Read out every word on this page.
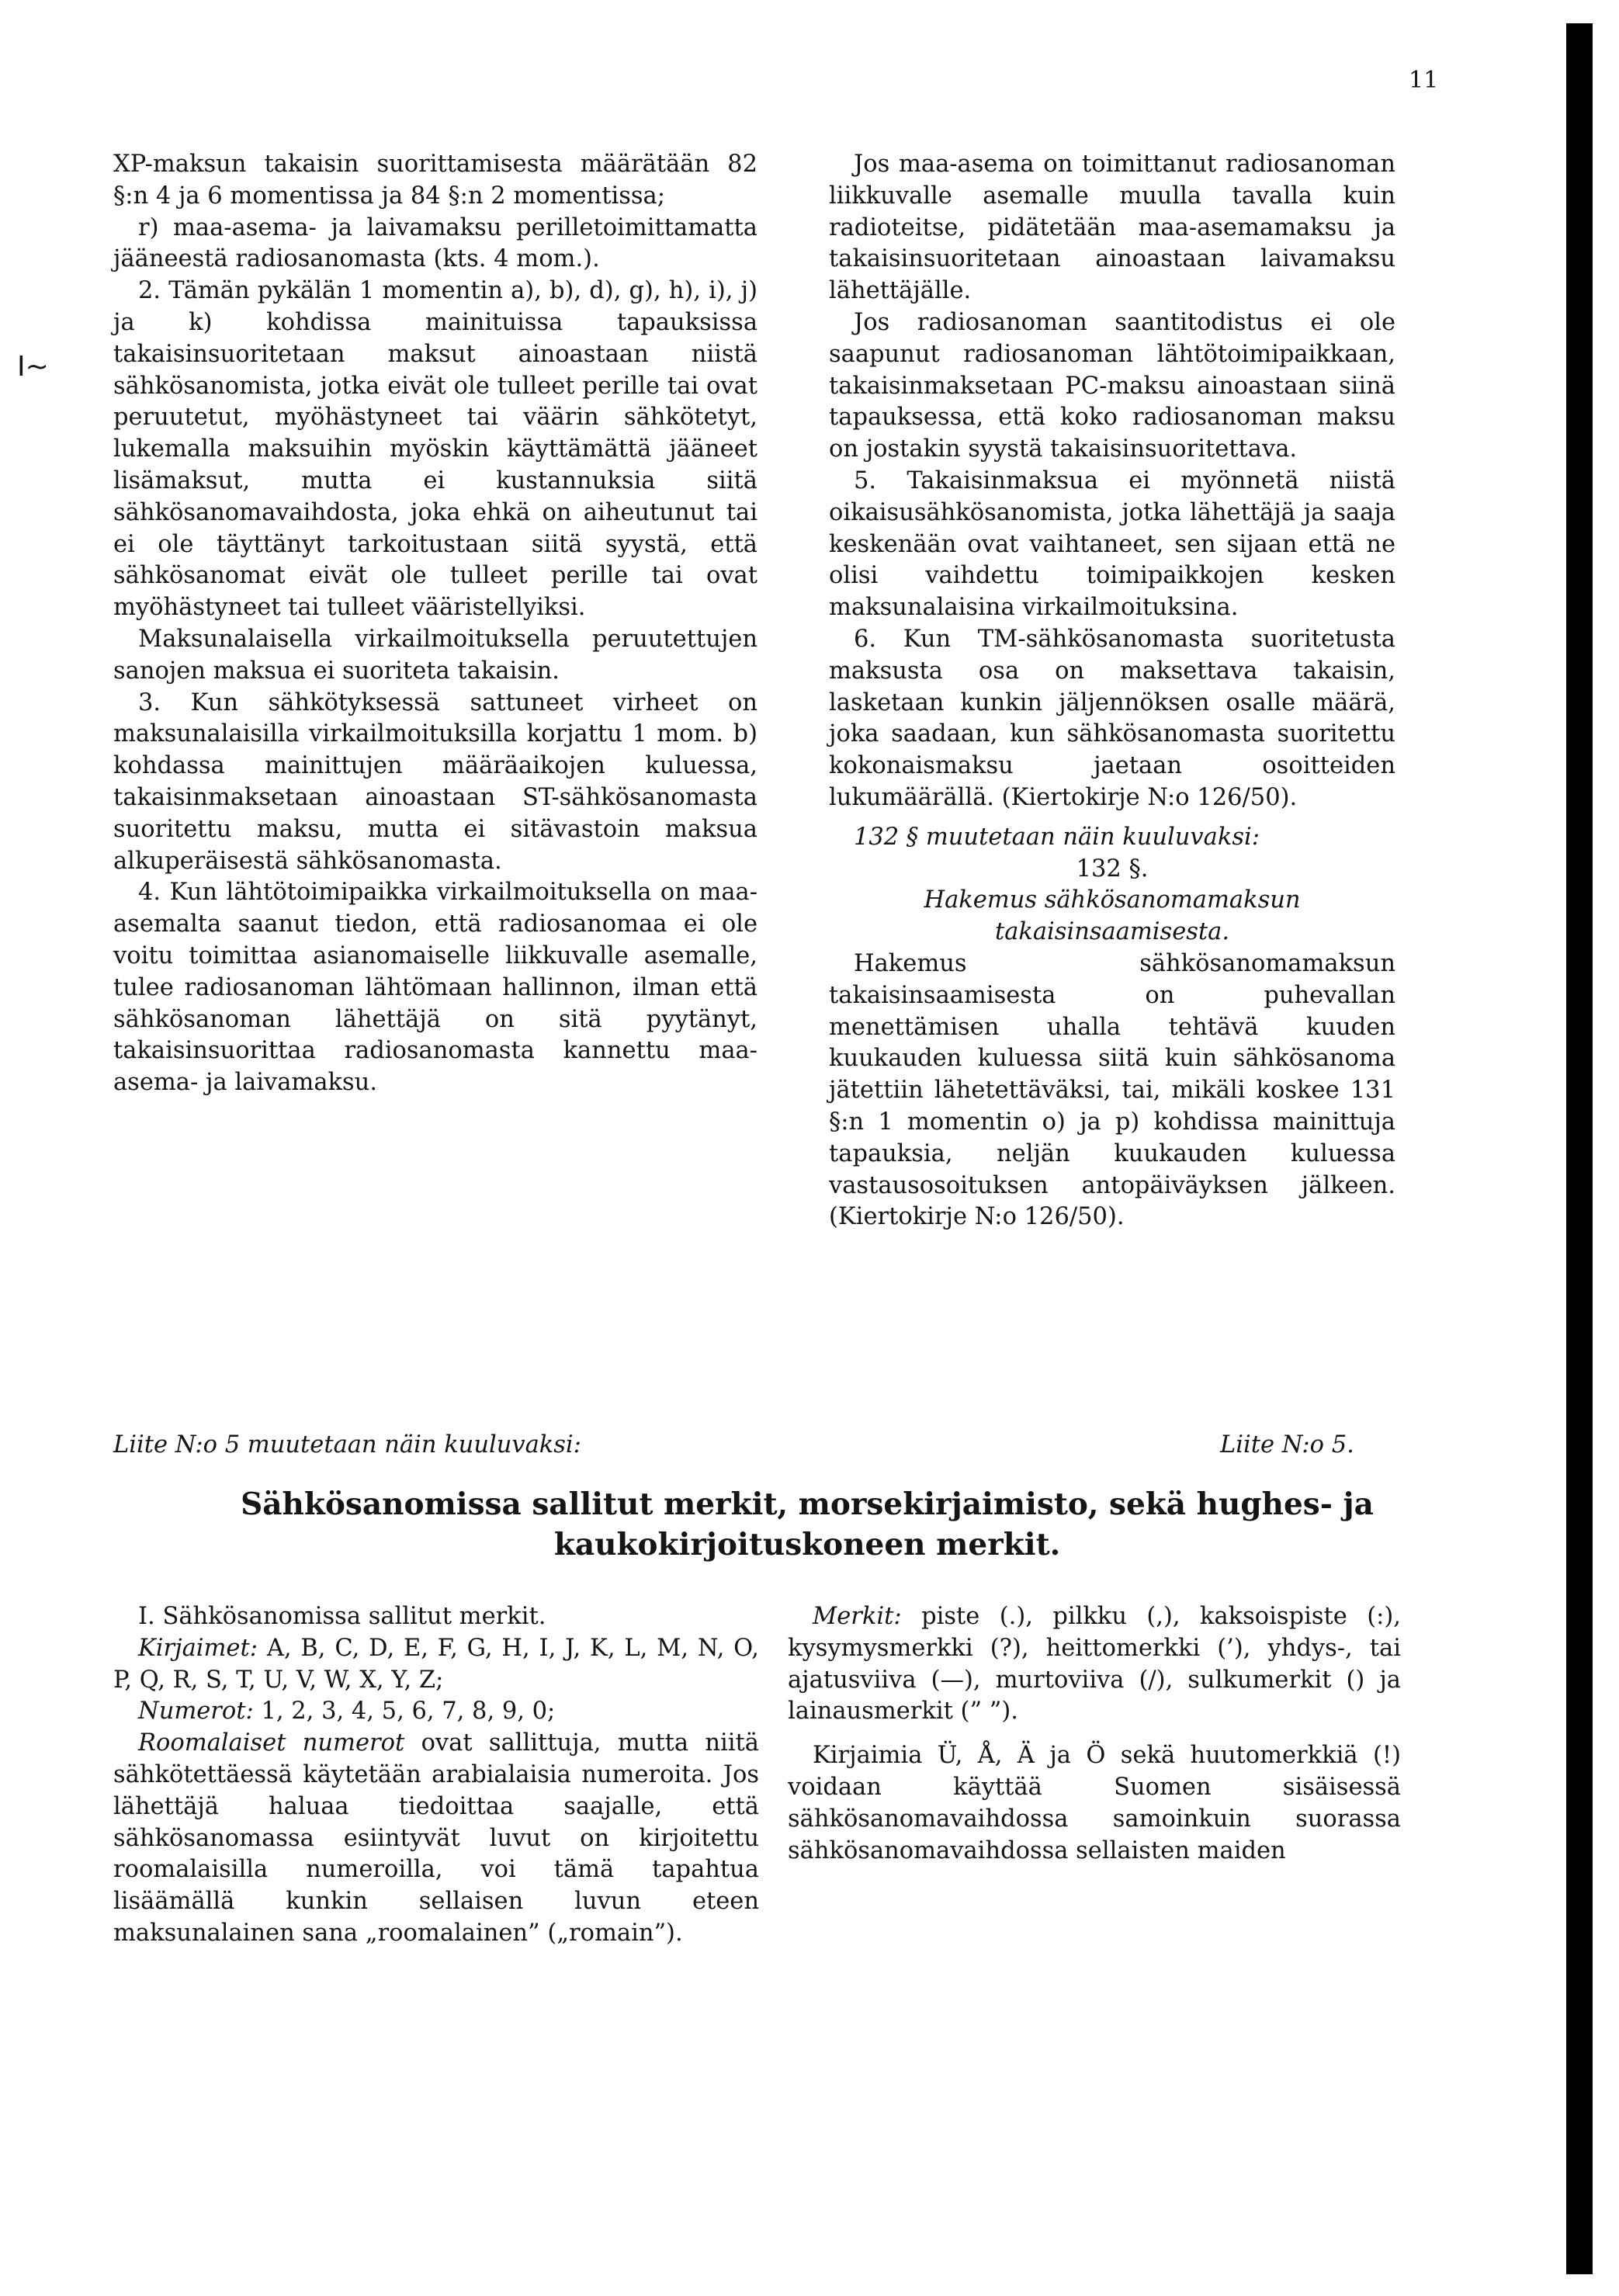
11
I~

XP-maksun takaisin suorittamisesta määrätään 82 §:n 4 ja 6 momentissa ja 84 §:n 2 momentissa;

r) maa-asema- ja laivamaksu perilletoimittamatta jääneestä radiosanomasta (kts. 4 mom.).

2. Tämän pykälän 1 momentin a), b), d), g), h), i), j) ja k) kohdissa mainituissa tapauksissa takaisinsuoritetaan maksut ainoastaan niistä sähkösanomista, jotka eivät ole tulleet perille tai ovat peruutetut, myöhästyneet tai väärin sähkötetyt, lukemalla maksuihin myöskin käyttämättä jääneet lisämaksut, mutta ei kustannuksia siitä sähkösanomavaihdosta, joka ehkä on aiheutunut tai ei ole täyttänyt tarkoitustaan siitä syystä, että sähkösanomat eivät ole tulleet perille tai ovat myöhästyneet tai tulleet vääristellyiksi.

Maksunalaisella virkailmoituksella peruutettujen sanojen maksua ei suoriteta takaisin.

3. Kun sähkötyksessä sattuneet virheet on maksunalaisilla virkailmoituksilla korjattu 1 mom. b) kohdassa mainittujen määräaikojen kuluessa, takaisinmaksetaan ainoastaan ST-sähkösanomasta suoritettu maksu, mutta ei sitävastoin maksua alkuperäisestä sähkösanomasta.

4. Kun lähtötoimipaikka virkailmoituksella on maa-asemalta saanut tiedon, että radiosanomaa ei ole voitu toimittaa asianomaiselle liikkuvalle asemalle, tulee radiosanoman lähtömaan hallinnon, ilman että sähkösanoman lähettäjä on sitä pyytänyt, takaisinsuorittaa radiosanomasta kannettu maa-asema- ja laivamaksu.

Jos maa-asema on toimittanut radiosanoman liikkuvalle asemalle muulla tavalla kuin radioteitse, pidätetään maa-asemamaksu ja takaisinsuoritetaan ainoastaan laivamaksu lähettäjälle.

Jos radiosanoman saantitodistus ei ole saapunut radiosanoman lähtötoimipaikkaan, takaisinmaksetaan PC-maksu ainoastaan siinä tapauksessa, että koko radiosanoman maksu on jostakin syystä takaisinsuoritettava.

5. Takaisinmaksua ei myönnetä niistä oikaisusähkösanomista, jotka lähettäjä ja saaja keskenään ovat vaihtaneet, sen sijaan että ne olisi vaihdettu toimipaikkojen kesken maksunalaisina virkailmoituksina.

6. Kun TM-sähkösanomasta suoritetusta maksusta osa on maksettava takaisin, lasketaan kunkin jäljennöksen osalle määrä, joka saadaan, kun sähkösanomasta suoritettu kokonaismaksu jaetaan osoitteiden lukumäärällä. (Kiertokirje N:o 126/50).

132 § muutetaan näin kuuluvaksi:

132 §.

Hakemus sähkösanomamaksun takaisinsaamisesta.

Hakemus sähkösanomamaksun takaisinsaamisesta on puhevallan menettämisen uhalla tehtävä kuuden kuukauden kuluessa siitä kuin sähkösanoma jätettiin lähetettäväksi, tai, mikäli koskee 131 §:n 1 momentin o) ja p) kohdissa mainittuja tapauksia, neljän kuukauden kuluessa vastausosoituksen antopäiväyksen jälkeen. (Kiertokirje N:o 126/50).

Liite N:o 5 muutetaan näin kuuluvaksi:	Liite N:o 5.
Sähkösanomissa sallitut merkit, morsekirjaimisto, sekä hughes- ja kaukokirjoituskoneen merkit.

I. Sähkösanomissa sallitut merkit.

Kirjaimet: A, B, C, D, E, F, G, H, I, J, K, L, M, N, O, P, Q, R, S, T, U, V, W, X, Y, Z;

Numerot: 1, 2, 3, 4, 5, 6, 7, 8, 9, 0;

Roomalaiset numerot ovat sallittuja, mutta niitä sähkötettäessä käytetään arabialaisia numeroita. Jos lähettäjä haluaa tiedoittaa saajalle, että sähkösanomassa esiintyvät luvut on kirjoitettu roomalaisilla numeroilla, voi tämä tapahtua lisäämällä kunkin sellaisen luvun eteen maksunalainen sana „roomalainen” („romain”).

Merkit: piste (.), pilkku (,), kaksoispiste (:), kysymysmerkki (?), heittomerkki (’), yhdys-, tai ajatusviiva (—), murtoviiva (/), sulkumerkit () ja lainausmerkit (” ”).

Kirjaimia Ü, Å, Ä ja Ö sekä huutomerkkiä (!) voidaan käyttää Suomen sisäisessä sähkösanomavaihdossa samoinkuin suorassa sähkösanomavaihdossa sellaisten maiden
